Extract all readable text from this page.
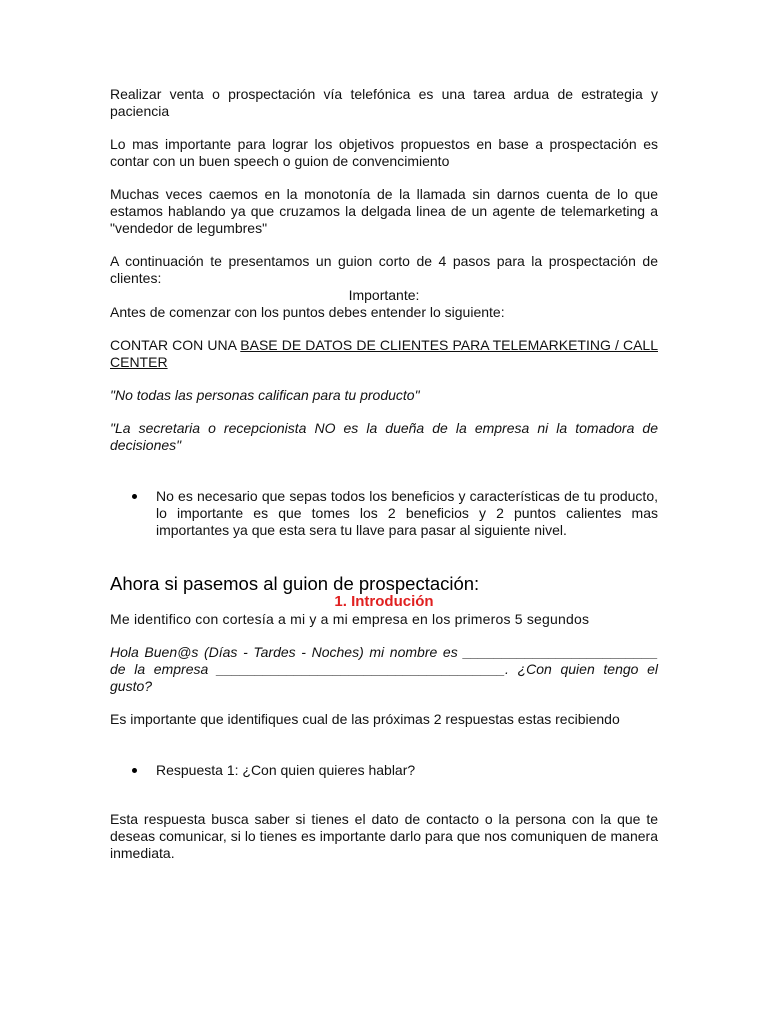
Realizar venta o prospectación vía telefónica es una tarea ardua de estrategia y paciencia

Lo mas importante para lograr los objetivos propuestos en base a prospectación es contar con un buen speech o guion de convencimiento

Muchas veces caemos en la monotonía de la llamada sin darnos cuenta de lo que estamos hablando ya que cruzamos la delgada linea de un agente de telemarketing a "vendedor de legumbres"

A continuación te presentamos un guion corto de 4 pasos para la prospectación de clientes:

Importante:

Antes de comenzar con los puntos debes entender lo siguiente:

CONTAR CON UNA BASE DE DATOS DE CLIENTES PARA TELEMARKETING / CALL CENTER

"No todas las personas califican para tu producto"

"La secretaria o recepcionista NO es la dueña de la empresa ni la tomadora de decisiones"

No es necesario que sepas todos los beneficios y características de tu producto, lo importante es que tomes los 2 beneficios y 2 puntos calientes mas importantes ya que esta sera tu llave para pasar al siguiente nivel.
Ahora si pasemos al guion de prospectación:
1. Introdución

Me identifico con cortesía a mi y a mi empresa en los primeros 5 segundos

Hola Buen@s (Días - Tardes - Noches) mi nombre es _________________________ de la empresa _____________________________________. ¿Con quien tengo el gusto?

Es importante que identifiques cual de las próximas 2 respuestas estas recibiendo

Respuesta 1: ¿Con quien quieres hablar?

Esta respuesta busca saber si tienes el dato de contacto o la persona con la que te deseas comunicar, si lo tienes es importante darlo para que nos comuniquen de manera inmediata.
